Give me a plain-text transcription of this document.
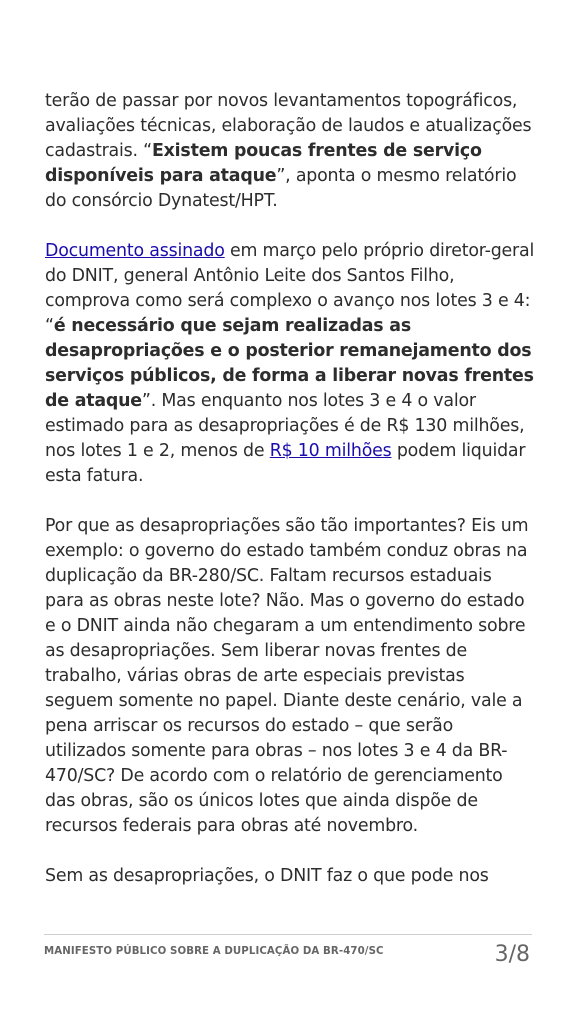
terão de passar por novos levantamentos topográficos, avaliações técnicas, elaboração de laudos e atualizações cadastrais. “Existem poucas frentes de serviço disponíveis para ataque”, aponta o mesmo relatório do consórcio Dynatest/HPT.

Documento assinado em março pelo próprio diretor-geral do DNIT, general Antônio Leite dos Santos Filho, comprova como será complexo o avanço nos lotes 3 e 4: “é necessário que sejam realizadas as desapropriações e o posterior remanejamento dos serviços públicos, de forma a liberar novas frentes de ataque”. Mas enquanto nos lotes 3 e 4 o valor estimado para as desapropriações é de R$ 130 milhões, nos lotes 1 e 2, menos de R$ 10 milhões podem liquidar esta fatura.

Por que as desapropriações são tão importantes? Eis um exemplo: o governo do estado também conduz obras na duplicação da BR-280/SC. Faltam recursos estaduais para as obras neste lote? Não. Mas o governo do estado e o DNIT ainda não chegaram a um entendimento sobre as desapropriações. Sem liberar novas frentes de trabalho, várias obras de arte especiais previstas seguem somente no papel. Diante deste cenário, vale a pena arriscar os recursos do estado – que serão utilizados somente para obras – nos lotes 3 e 4 da BR-470/SC? De acordo com o relatório de gerenciamento das obras, são os únicos lotes que ainda dispõe de recursos federais para obras até novembro.

Sem as desapropriações, o DNIT faz o que pode nos

MANIFESTO PÚBLICO SOBRE A DUPLICAÇÃO DA BR-470/SC	3/8
